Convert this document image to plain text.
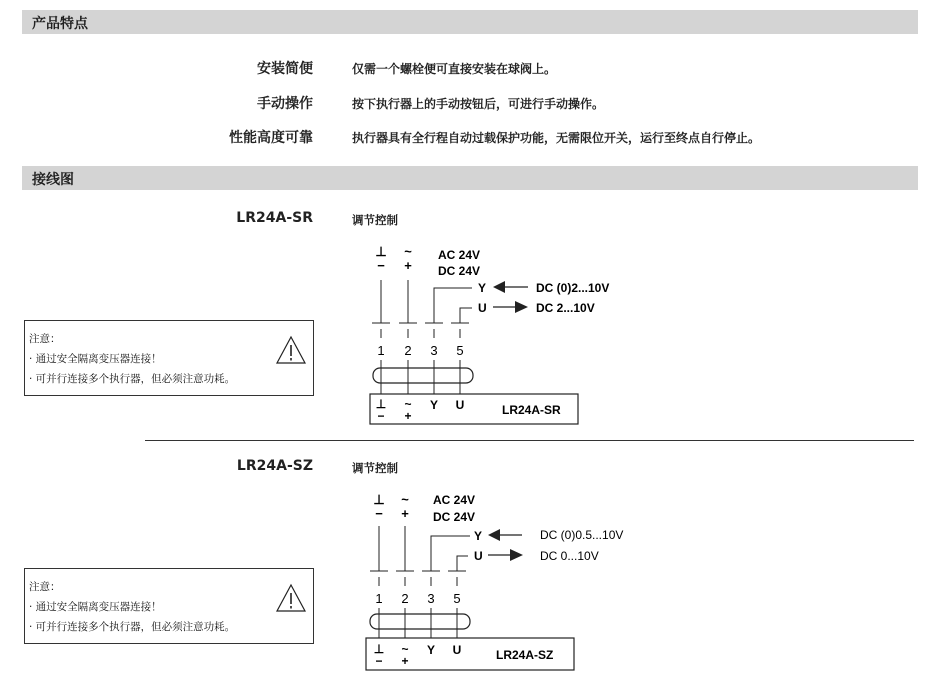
产品特点
安装简便	仅需一个螺栓便可直接安装在球阀上。
手动操作	按下执行器上的手动按钮后，可进行手动操作。
性能高度可靠	执行器具有全行程自动过载保护功能，无需限位开关，运行至终点自行停止。
接线图
LR24A-SR	调节控制
注意：
· 通过安全隔离变压器连接！
· 可并行连接多个执行器，但必须注意功耗。
⊥
−
~
+
AC 24V
DC 24V
Y	DC (0)2...10V
U	DC 2...10V
1 2 3 5
⊥
−
~
+
Y U	LR24A-SR
LR24A-SZ	调节控制
注意：
· 通过安全隔离变压器连接！
· 可并行连接多个执行器，但必须注意功耗。
⊥
−
~
+
AC 24V
DC 24V
Y	DC (0)0.5...10V
U	DC 0...10V
1 2 3 5
⊥
−
~
+
Y U	LR24A-SZ
